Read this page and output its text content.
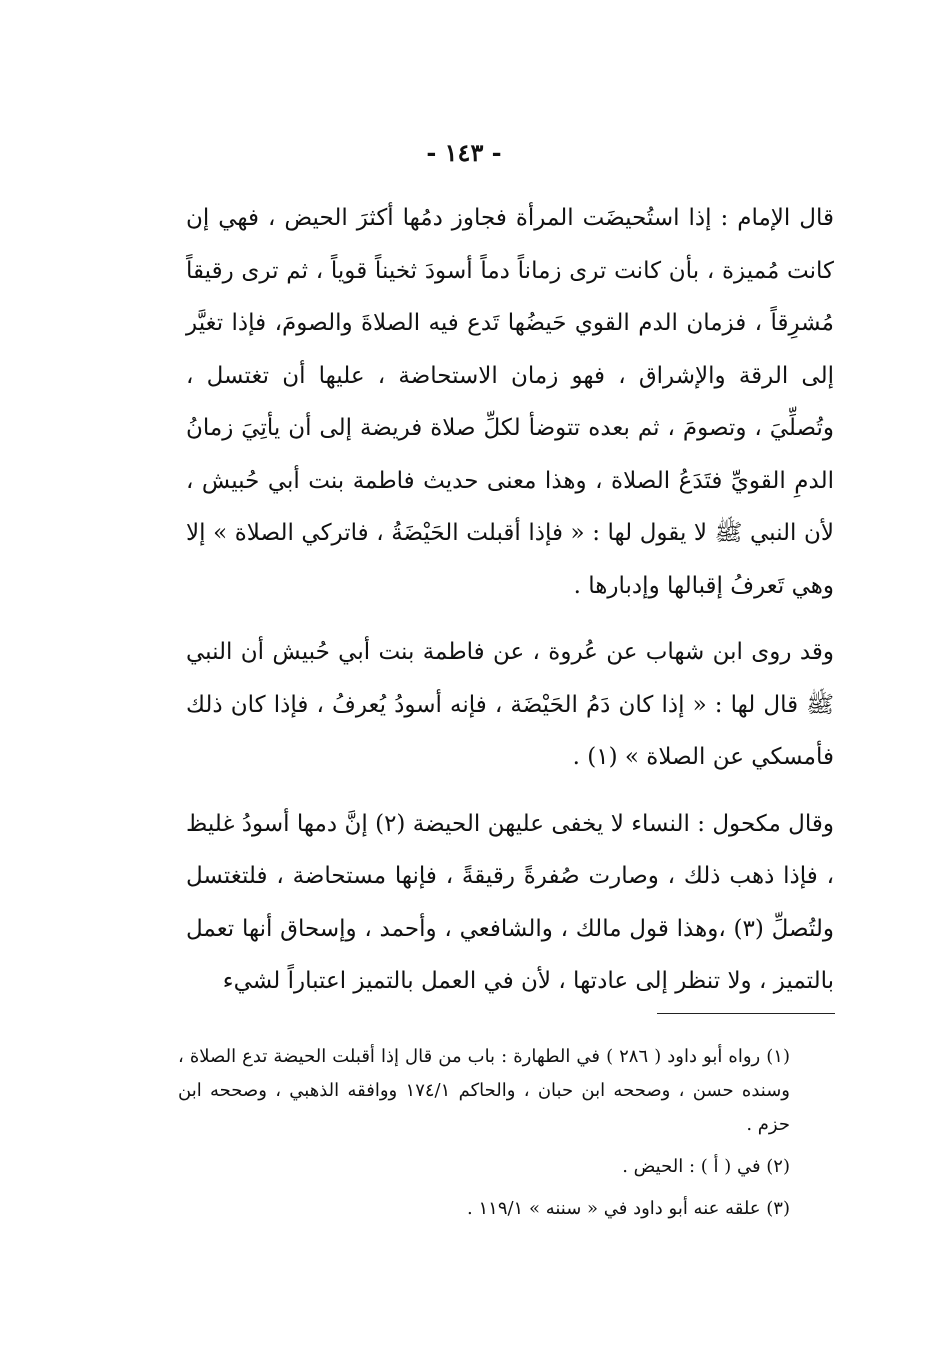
- ١٤٣ -

قال الإمام : إذا استُحيضَت المرأة فجاوز دمُها أكثرَ الحيض ، فهي إن كانت مُميزة ، بأن كانت ترى زماناً دماً أسودَ ثخيناً قوياً ، ثم ترى رقيقاً مُشرِقاً ، فزمان الدم القوي حَيضُها تَدع فيه الصلاةَ والصومَ، فإذا تغيَّر إلى الرقة والإشراق ، فهو زمان الاستحاضة ، عليها أن تغتسل ، وتُصلِّيَ ، وتصومَ ، ثم بعده تتوضأ لكلِّ صلاة فريضة إلى أن يأتِيَ زمانُ الدمِ القويِّ فتَدَعُ الصلاة ، وهذا معنى حديث فاطمة بنت أبي حُبيش ، لأن النبي ﷺ لا يقول لها : « فإذا أقبلت الحَيْضَةُ ، فاتركي الصلاة » إلا وهي تَعرفُ إقبالها وإدبارها .

وقد روى ابن شهاب عن عُروة ، عن فاطمة بنت أبي حُبيش أن النبي ﷺ قال لها : « إذا كان دَمُ الحَيْضَة ، فإنه أسودُ يُعرفُ ، فإذا كان ذلك فأمسكي عن الصلاة » (١) .

وقال مكحول : النساء لا يخفى عليهن الحيضة (٢) إنَّ دمها أسودُ غليظ ، فإذا ذهب ذلك ، وصارت صُفرةً رقيقةً ، فإنها مستحاضة ، فلتغتسل ولتُصلِّ (٣) ،وهذا قول مالك ، والشافعي ، وأحمد ، وإسحاق أنها تعمل بالتميز ، ولا تنظر إلى عادتها ، لأن في العمل بالتميز اعتباراً لشيء

(١) رواه أبو داود ( ٢٨٦ ) في الطهارة : باب من قال إذا أقبلت الحيضة تدع الصلاة ، وسنده حسن ، وصححه ابن حبان ، والحاكم ١٧٤/١ ووافقه الذهبي ، وصححه ابن حزم .

(٢) في ( أ ) : الحيض .

(٣) علقه عنه أبو داود في « سننه » ١١٩/١ .
